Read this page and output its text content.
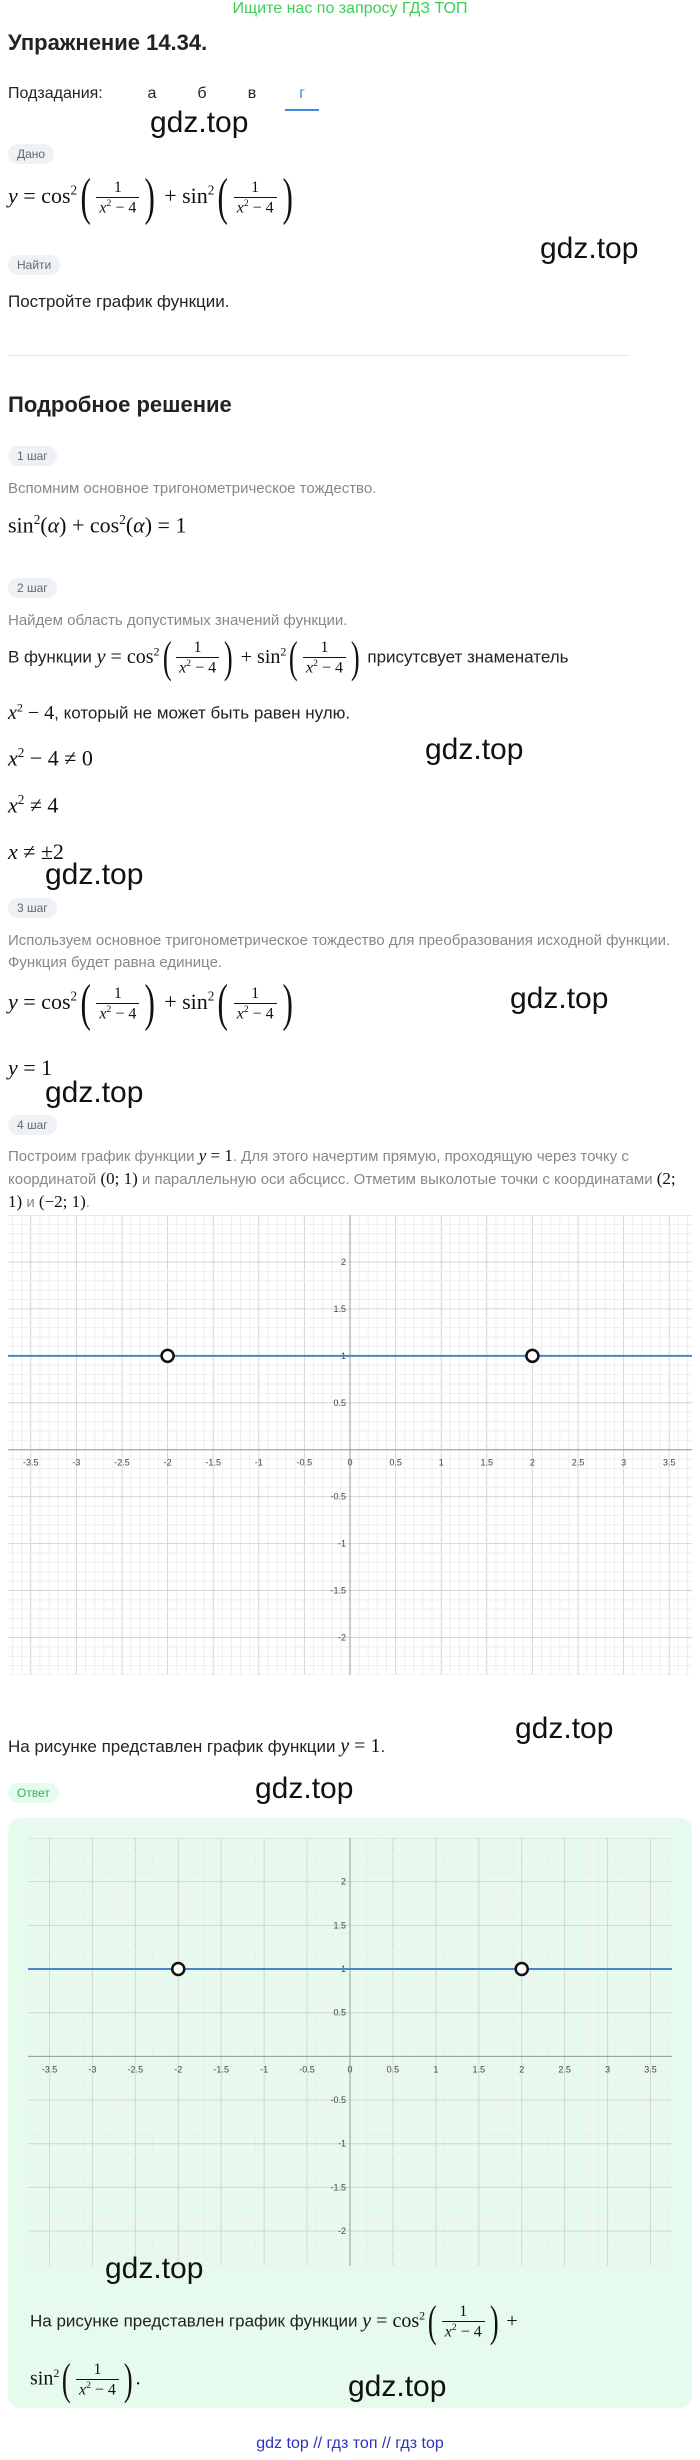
Ищите нас по запросу ГДЗ ТОП
Упражнение 14.34.
Подзадания:	а	б	в	г
gdz.top
Дано
$y = \cos^2( \frac{1}{x^2 - 4}$ ) + $\sin^2( \frac{1}{x^2 - 4}$ )
gdz.top
Найти
Постройте график функции.
Подробное решение
1 шаг
Вспомним основное тригонометрическое тождество.
$\sin^2(\alpha) + \cos^2(\alpha) = 1$
2 шаг
Найдем область допустимых значений функции.
В функции $y = \cos^2( \frac{1}{x^2 - 4}$ ) + $\sin^2( \frac{1}{x^2 - 4}$ ) присутсвует знаменатель
$x^2 - 4$, который не может быть равен нулю.
gdz.top
$x^2 - 4 \ne 0$
$x^2 \ne 4$
x ≠ ±2
gdz.top
3 шаг
Используем основное тригонометрическое тождество для преобразования исходной функции. Функция будет равна единице.
$y = \cos^2( \frac{1}{x^2 - 4}$ ) + $\sin^2( \frac{1}{x^2 - 4}$ )	gdz.top
y = 1
gdz.top
4 шаг
Построим график функции y = 1. Для этого начертим прямую, проходящую через точку с координатой (0; 1) и параллельную оси абсцисс. Отметим выколотые точки с координатами (2; 1) и (−2; 1).
-3.5	-3	-2.5	-2	-1.5	-1	-0.5	0	0.5	1	1.5	2	2.5	3	3.5
-2
-1.5
-1
-0.5
0.5
1
1.5
2
На рисунке представлен график функции y = 1.
gdz.top
gdz.top
Ответ
-3.5	-3	-2.5	-2	-1.5	-1	-0.5	0	0.5	1	1.5	2	2.5	3	3.5
-2
-1.5
-1
-0.5
0.5
1
1.5
2
gdz.top
На рисунке представлен график функции $y = \cos^2( \frac{1}{x^2 - 4}$ ) +
$\sin^2( \frac{1}{x^2 - 4}$ ) .	gdz.top
gdz top // гдз топ // гдз top
